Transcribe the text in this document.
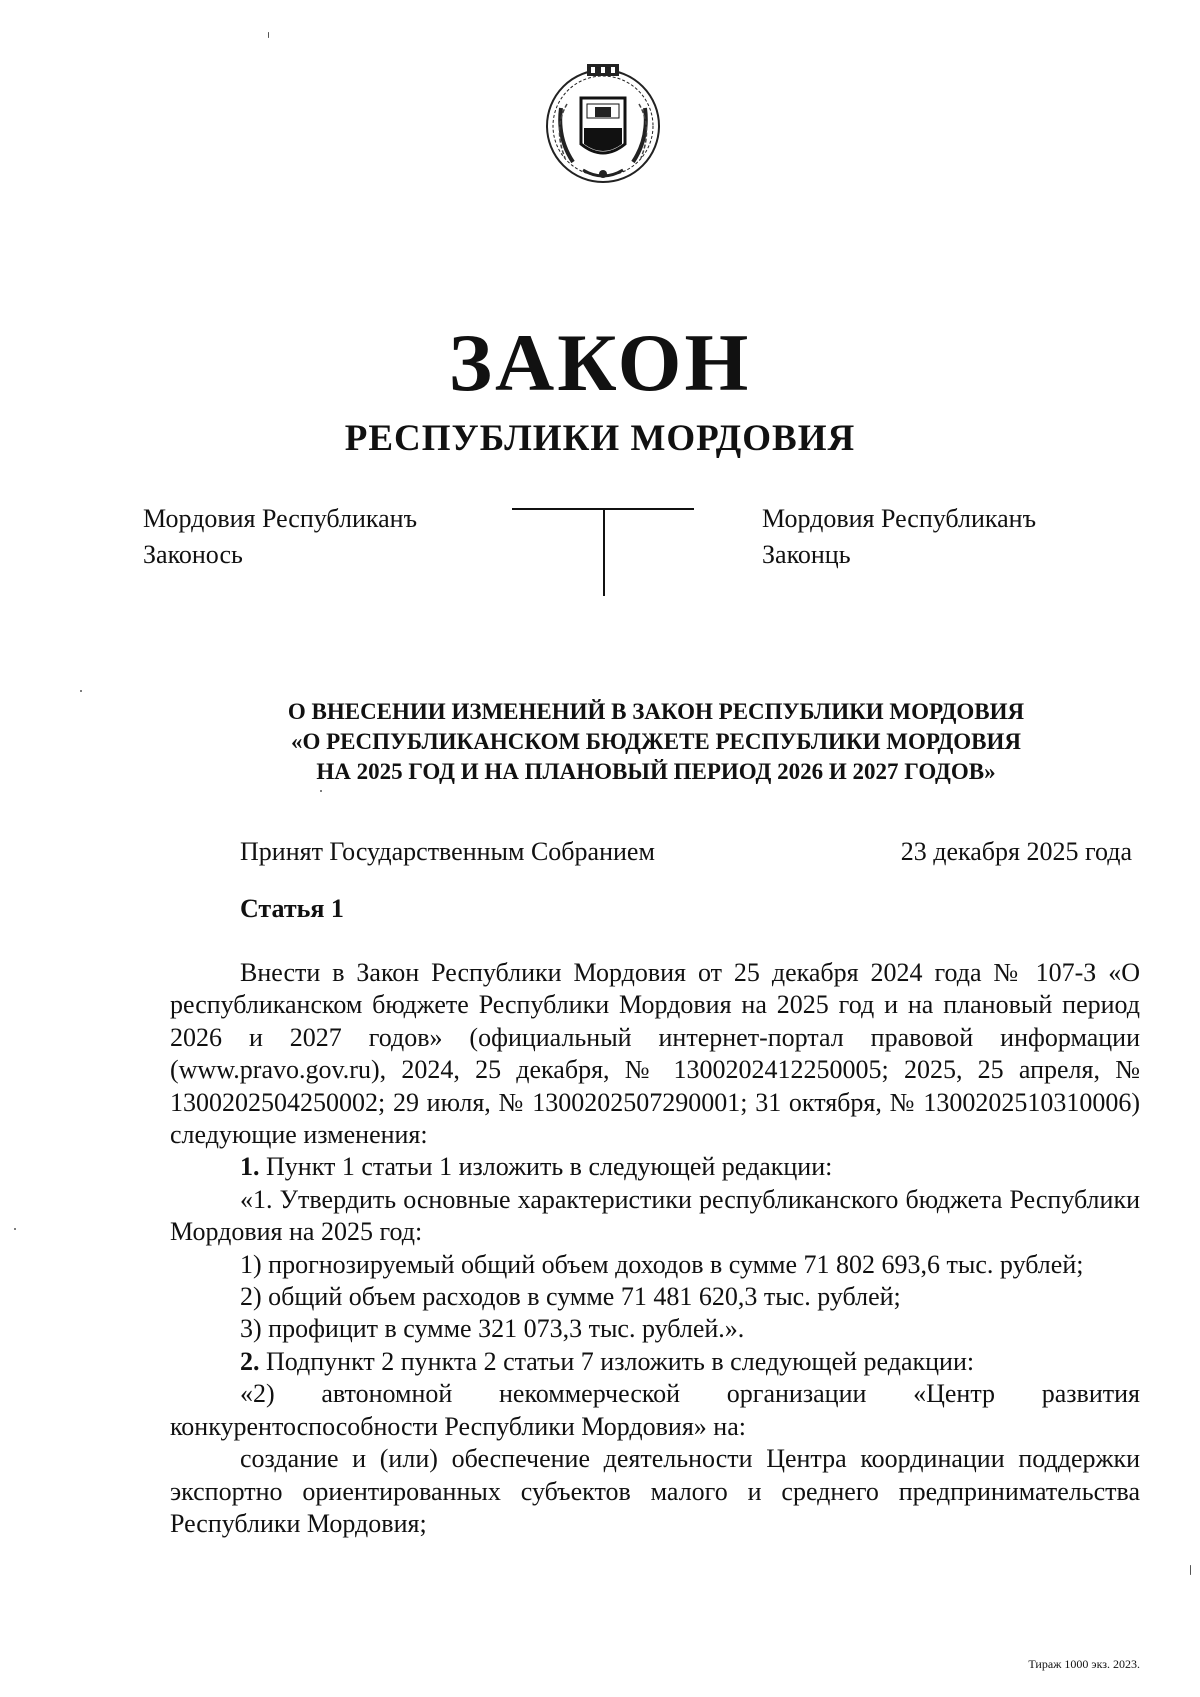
ЗАКОН
РЕСПУБЛИКИ МОРДОВИЯ
Мордовия Республиканъ
Законось
Мордовия Республиканъ
Законць
О ВНЕСЕНИИ ИЗМЕНЕНИЙ В ЗАКОН РЕСПУБЛИКИ МОРДОВИЯ
«О РЕСПУБЛИКАНСКОМ БЮДЖЕТЕ РЕСПУБЛИКИ МОРДОВИЯ
НА 2025 ГОД И НА ПЛАНОВЫЙ ПЕРИОД 2026 И 2027 ГОДОВ»
Принят Государственным Собранием	23 декабря 2025 года
Статья 1

Внести в Закон Республики Мордовия от 25 декабря 2024 года № 107-З «О республиканском бюджете Республики Мордовия на 2025 год и на плановый период 2026 и 2027 годов» (официальный интернет-портал правовой информации (www.pravo.gov.ru), 2024, 25 декабря, № 1300202412250005; 2025, 25 апреля, № 1300202504250002; 29 июля, № 1300202507290001; 31 октября, № 1300202510310006) следующие изменения:

1. Пункт 1 статьи 1 изложить в следующей редакции:

«1. Утвердить основные характеристики республиканского бюджета Республики Мордовия на 2025 год:

1) прогнозируемый общий объем доходов в сумме 71 802 693,6 тыс. рублей;

2) общий объем расходов в сумме 71 481 620,3 тыс. рублей;

3) профицит в сумме 321 073,3 тыс. рублей.».

2. Подпункт 2 пункта 2 статьи 7 изложить в следующей редакции:

«2) автономной некоммерческой организации «Центр развития конкурентоспособности Республики Мордовия» на:

создание и (или) обеспечение деятельности Центра координации поддержки экспортно ориентированных субъектов малого и среднего предпринимательства Республики Мордовия;

Тираж 1000 экз. 2023.
